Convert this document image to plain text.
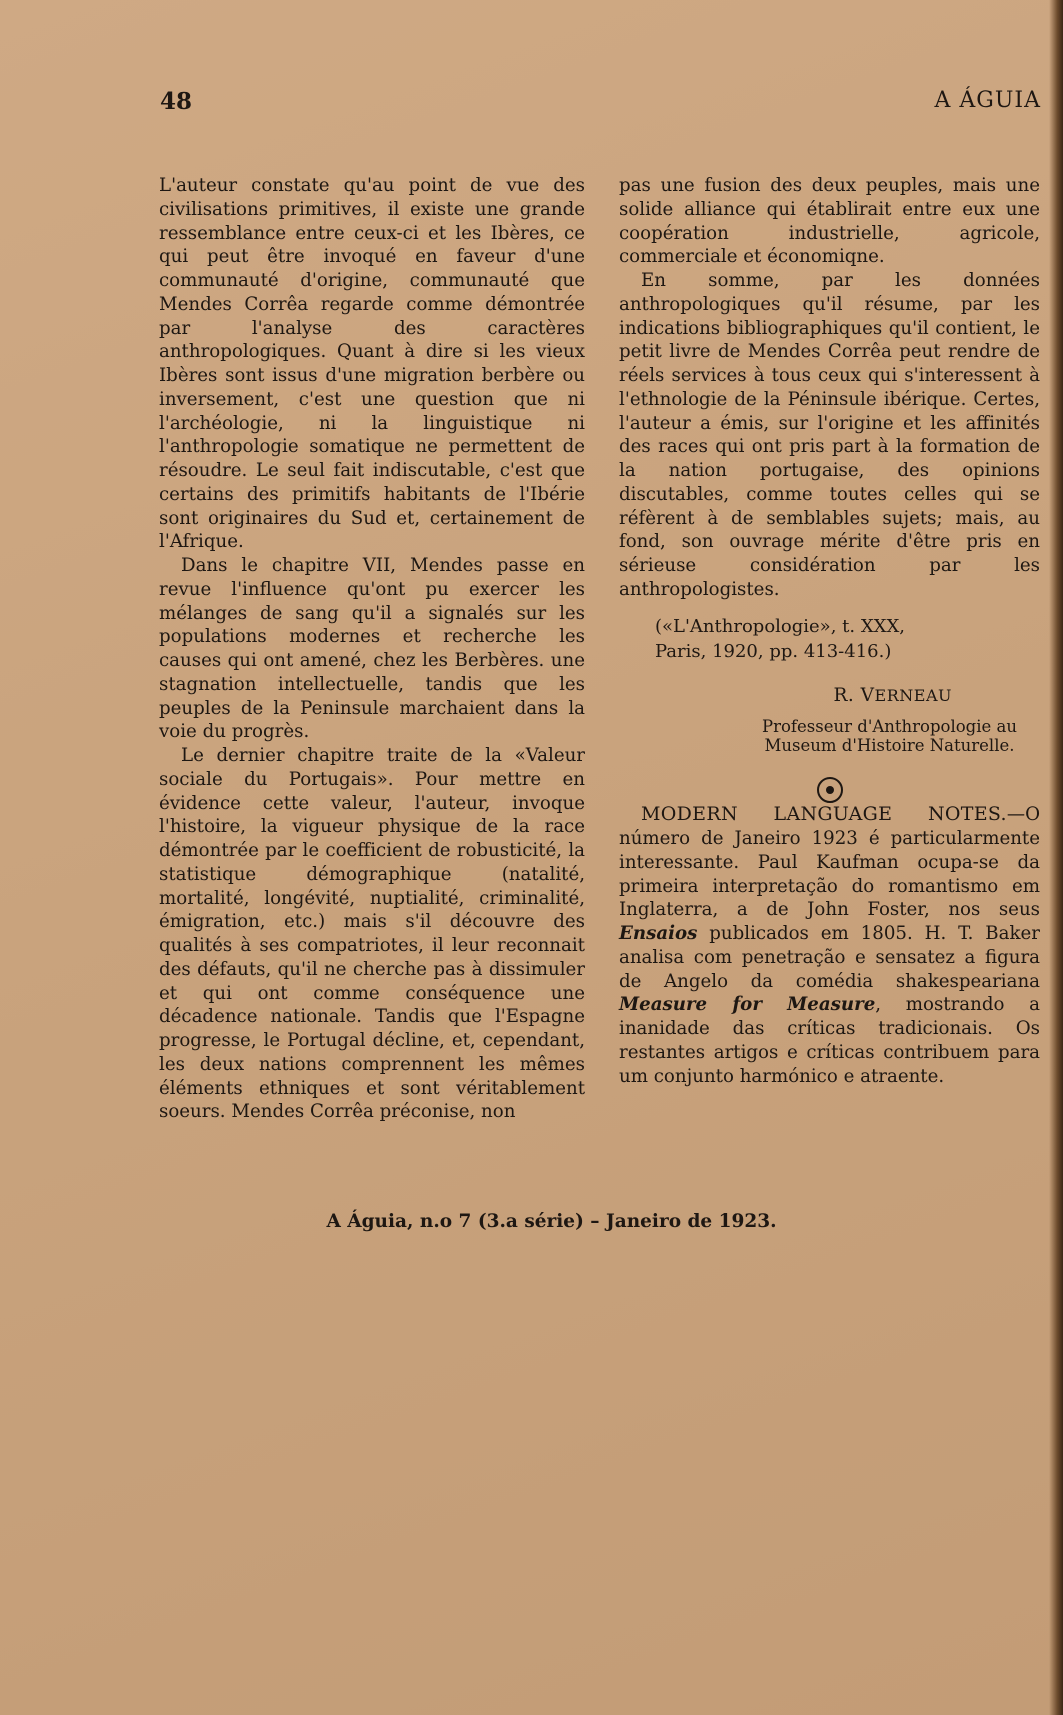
48	A ÁGUIA

L'auteur constate qu'au point de vue des civilisations primitives, il existe une grande ressemblance entre ceux-ci et les Ibères, ce qui peut être invoqué en faveur d'une communauté d'origine, communauté que Mendes Corrêa regarde comme démontrée par l'analyse des caractères anthropologiques. Quant à dire si les vieux Ibères sont issus d'une migration berbère ou inversement, c'est une question que ni l'archéologie, ni la linguistique ni l'anthropologie somatique ne permettent de résoudre. Le seul fait indiscutable, c'est que certains des primitifs habitants de l'Ibérie sont originaires du Sud et, certainement de l'Afrique.

Dans le chapitre VII, Mendes passe en revue l'influence qu'ont pu exercer les mélanges de sang qu'il a signalés sur les populations modernes et recherche les causes qui ont amené, chez les Berbères. une stagnation intellectuelle, tandis que les peuples de la Peninsule marchaient dans la voie du progrès.

Le dernier chapitre traite de la «Valeur sociale du Portugais». Pour mettre en évidence cette valeur, l'auteur, invoque l'histoire, la vigueur physique de la race démontrée par le coefficient de robusticité, la statistique démographique (natalité, mortalité, longévité, nuptialité, criminalité, émigration, etc.) mais s'il découvre des qualités à ses compatriotes, il leur reconnait des défauts, qu'il ne cherche pas à dissimuler et qui ont comme conséquence une décadence nationale. Tandis que l'Espagne progresse, le Portugal décline, et, cependant, les deux nations comprennent les mêmes éléments ethniques et sont véritablement soeurs. Mendes Corrêa préconise, non

pas une fusion des deux peuples, mais une solide alliance qui établirait entre eux une coopération industrielle, agricole, commerciale et économiqne.

En somme, par les données anthropologiques qu'il résume, par les indications bibliographiques qu'il contient, le petit livre de Mendes Corrêa peut rendre de réels services à tous ceux qui s'interessent à l'ethnologie de la Péninsule ibérique. Certes, l'auteur a émis, sur l'origine et les affinités des races qui ont pris part à la formation de la nation portugaise, des opinions discutables, comme toutes celles qui se réfèrent à de semblables sujets; mais, au fond, son ouvrage mérite d'être pris en sérieuse considération par les anthropologistes.

(«L'Anthropologie», t. XXX,
Paris, 1920, pp. 413-416.)
R. VERNEAU
Professeur d'Anthropologie au
Museum d'Histoire Naturelle.

MODERN LANGUAGE NOTES.—O número de Janeiro 1923 é particularmente interessante. Paul Kaufman ocupa-se da primeira interpretação do romantismo em Inglaterra, a de John Foster, nos seus Ensaios publicados em 1805. H. T. Baker analisa com penetração e sensatez a figura de Angelo da comédia shakespeariana Measure for Measure, mostrando a inanidade das críticas tradicionais. Os restantes artigos e críticas contribuem para um conjunto harmónico e atraente.

A Águia, n.o 7 (3.a série) – Janeiro de 1923.
